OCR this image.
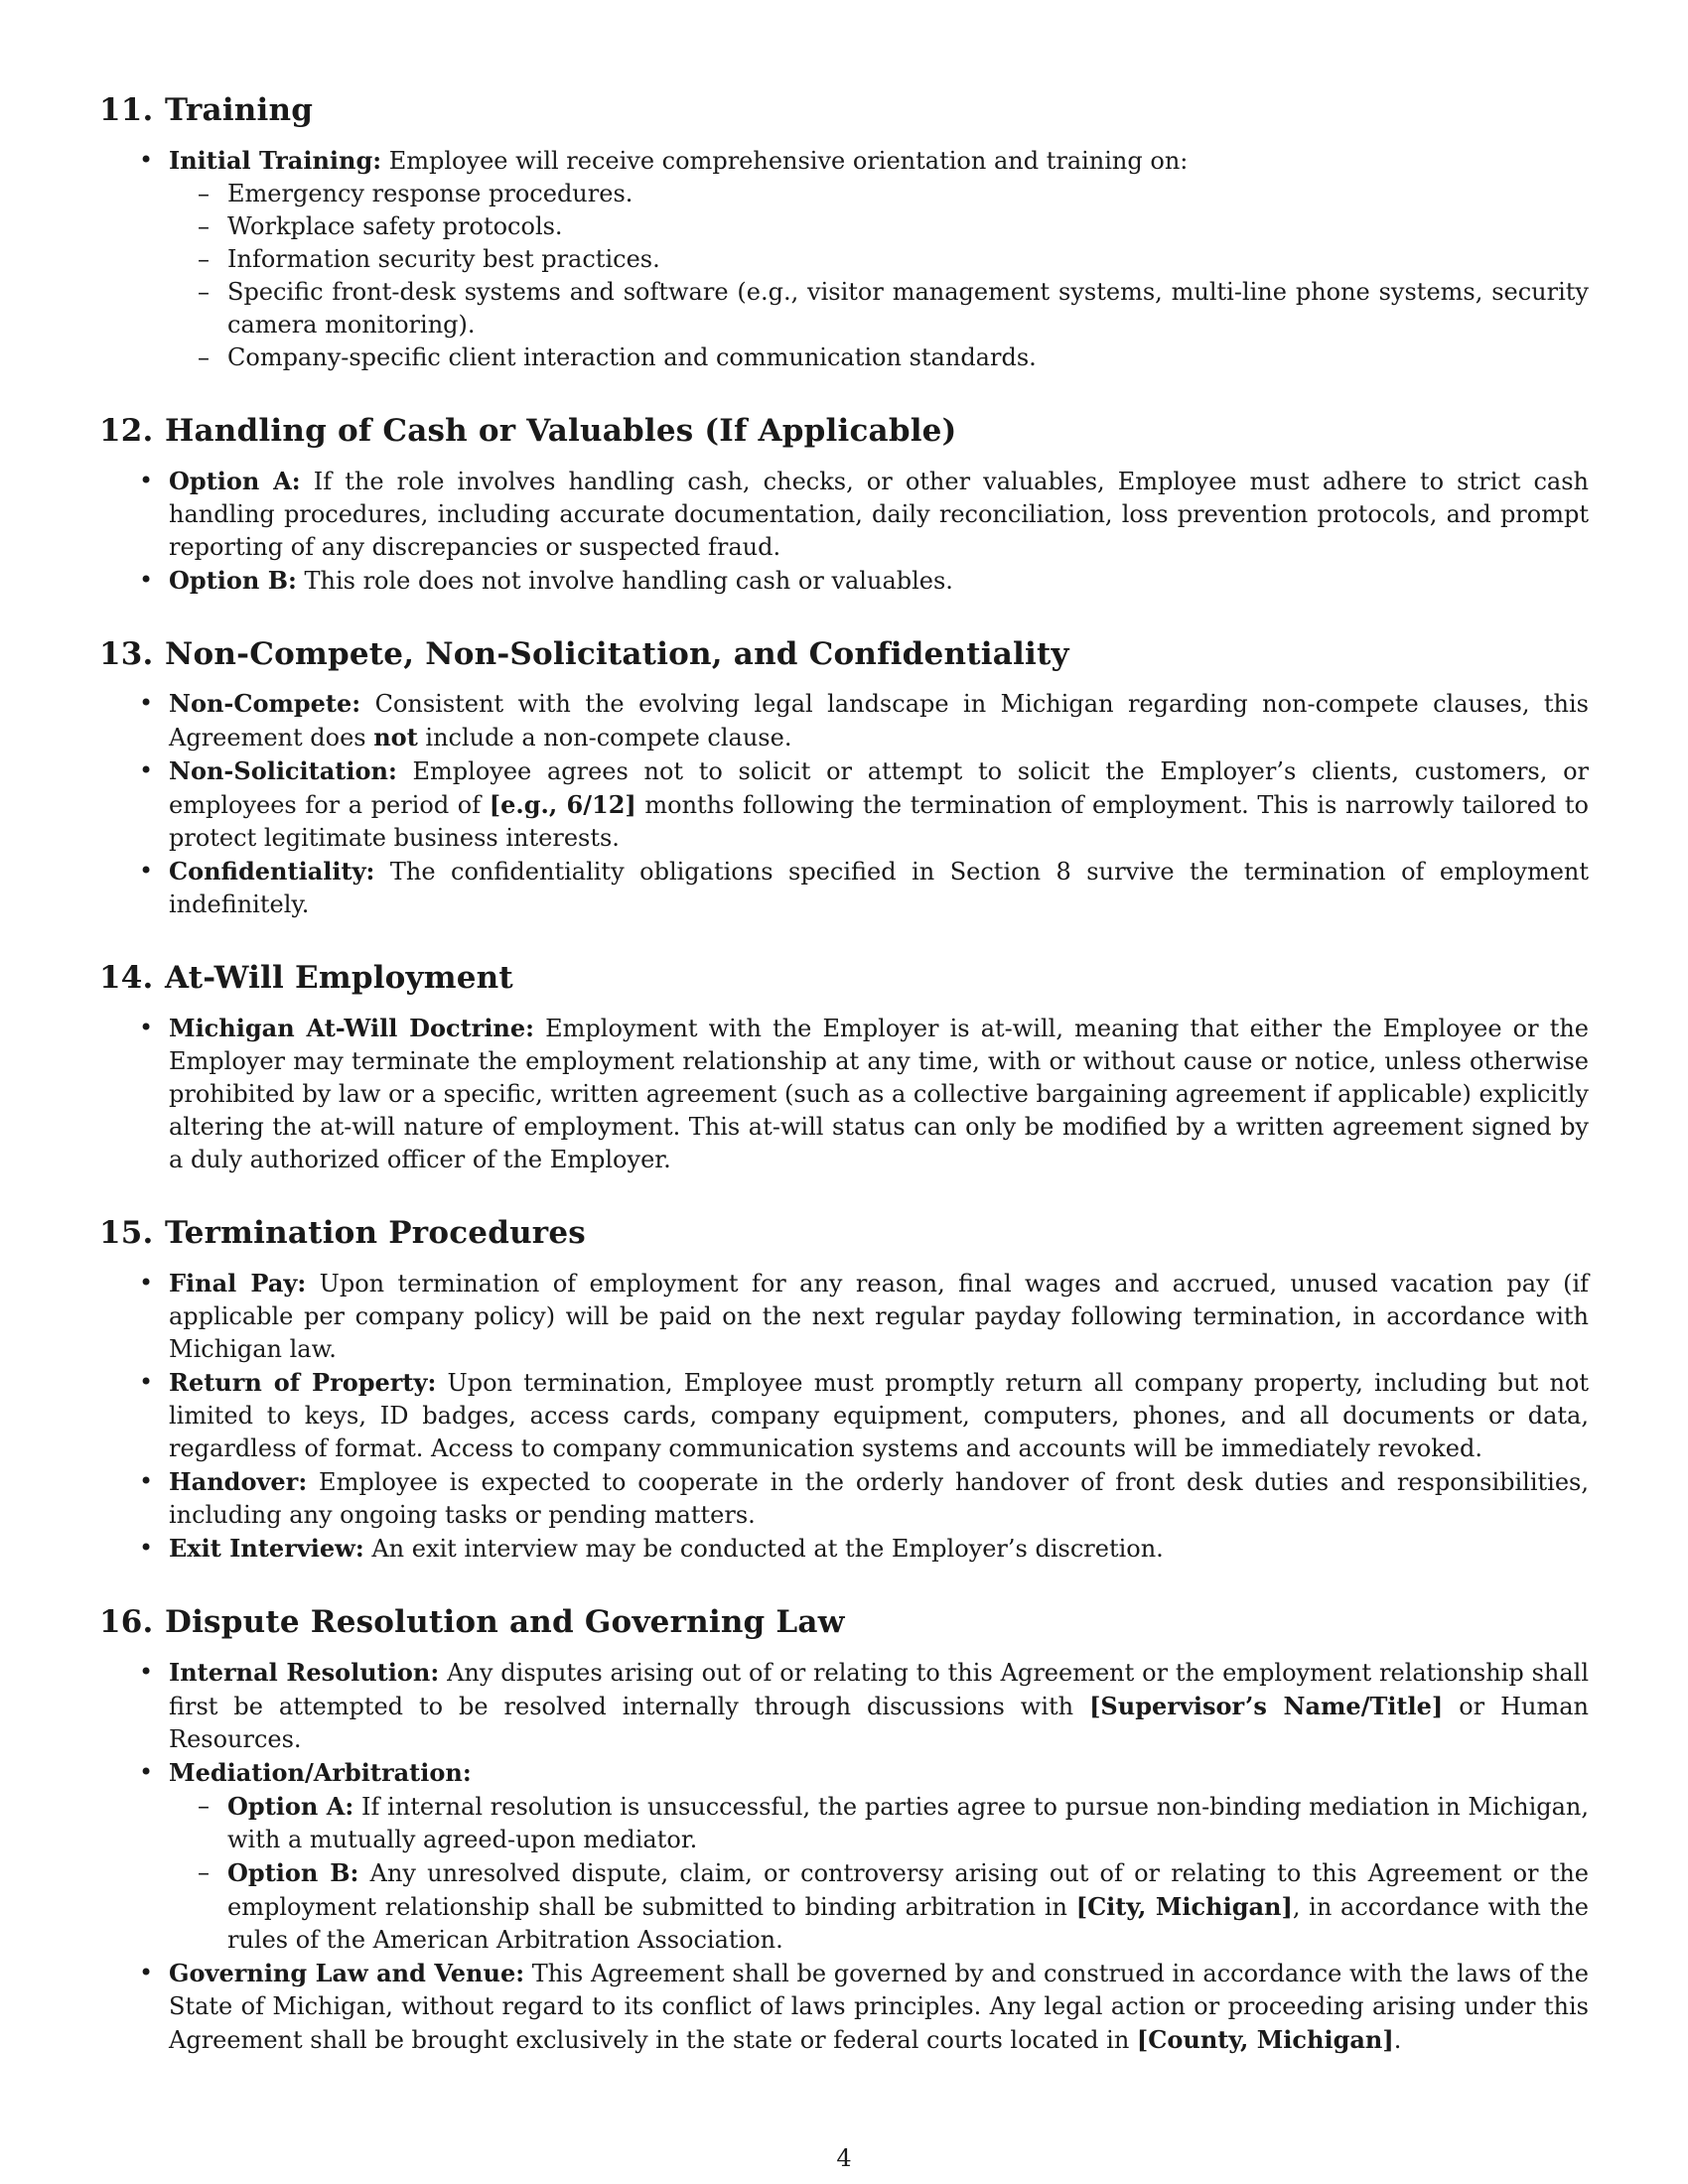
11. Training
• Initial Training: Employee will receive comprehensive orientation and training on:
– Emergency response procedures.
– Workplace safety protocols.
– Information security best practices.
– Specific front-desk systems and software (e.g., visitor management systems, multi-line phone systems, security camera monitoring).
– Company-specific client interaction and communication standards.
12. Handling of Cash or Valuables (If Applicable)
• Option A: If the role involves handling cash, checks, or other valuables, Employee must adhere to strict cash handling procedures, including accurate documentation, daily reconciliation, loss prevention protocols, and prompt reporting of any discrepancies or suspected fraud.
• Option B: This role does not involve handling cash or valuables.
13. Non-Compete, Non-Solicitation, and Confidentiality
• Non-Compete: Consistent with the evolving legal landscape in Michigan regarding non-compete clauses, this Agreement does not include a non-compete clause.
• Non-Solicitation: Employee agrees not to solicit or attempt to solicit the Employer’s clients, customers, or employees for a period of [e.g., 6/12] months following the termination of employment. This is narrowly tailored to protect legitimate business interests.
• Confidentiality: The confidentiality obligations specified in Section 8 survive the termination of employment indefinitely.
14. At-Will Employment
• Michigan At-Will Doctrine: Employment with the Employer is at-will, meaning that either the Employee or the Employer may terminate the employment relationship at any time, with or without cause or notice, unless otherwise prohibited by law or a specific, written agreement (such as a collective bargaining agreement if applicable) explicitly altering the at-will nature of employment. This at-will status can only be modified by a written agreement signed by a duly authorized officer of the Employer.
15. Termination Procedures
• Final Pay: Upon termination of employment for any reason, final wages and accrued, unused vacation pay (if applicable per company policy) will be paid on the next regular payday following termination, in accordance with Michigan law.
• Return of Property: Upon termination, Employee must promptly return all company property, including but not limited to keys, ID badges, access cards, company equipment, computers, phones, and all documents or data, regardless of format. Access to company communication systems and accounts will be immediately revoked.
• Handover: Employee is expected to cooperate in the orderly handover of front desk duties and responsibilities, including any ongoing tasks or pending matters.
• Exit Interview: An exit interview may be conducted at the Employer’s discretion.
16. Dispute Resolution and Governing Law
• Internal Resolution: Any disputes arising out of or relating to this Agreement or the employment relationship shall first be attempted to be resolved internally through discussions with [Supervisor’s Name/Title] or Human Resources.
• Mediation/Arbitration:
– Option A: If internal resolution is unsuccessful, the parties agree to pursue non-binding mediation in Michigan, with a mutually agreed-upon mediator.
– Option B: Any unresolved dispute, claim, or controversy arising out of or relating to this Agreement or the employment relationship shall be submitted to binding arbitration in [City, Michigan], in accordance with the rules of the American Arbitration Association.
• Governing Law and Venue: This Agreement shall be governed by and construed in accordance with the laws of the State of Michigan, without regard to its conflict of laws principles. Any legal action or proceeding arising under this Agreement shall be brought exclusively in the state or federal courts located in [County, Michigan].
4
